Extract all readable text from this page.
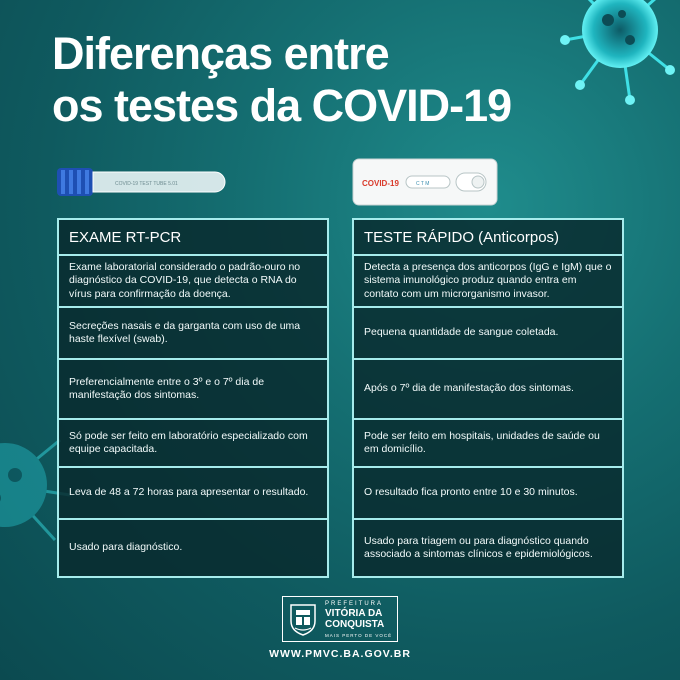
Diferenças entre
os testes da COVID-19
COVID-19 TEST TUBE 5.01	COVID-19	C T M
EXAME RT-PCR
Exame laboratorial considerado o padrão-ouro no diagnóstico da COVID-19, que detecta o RNA do vírus para confirmação da doença.
Secreções nasais e da garganta com uso de uma haste flexível (swab).
Preferencialmente entre o 3º e o 7º dia de manifestação dos sintomas.
Só pode ser feito em laboratório especializado com equipe capacitada.
Leva de 48 a 72 horas para apresentar o resultado.
Usado para diagnóstico.
TESTE RÁPIDO (Anticorpos)
Detecta a presença dos anticorpos (IgG e IgM) que o sistema imunológico produz quando entra em contato com um microrganismo invasor.
Pequena quantidade de sangue coletada.
Após o 7º dia de manifestação dos sintomas.
Pode ser feito em hospitais, unidades de saúde ou em domicílio.
O resultado fica pronto entre 10 e 30 minutos.
Usado para triagem ou para diagnóstico quando associado a sintomas clínicos e epidemiológicos.
PREFEITURA
VITÓRIA DA
CONQUISTA
MAIS PERTO DE VOCÊ
WWW.PMVC.BA.GOV.BR
